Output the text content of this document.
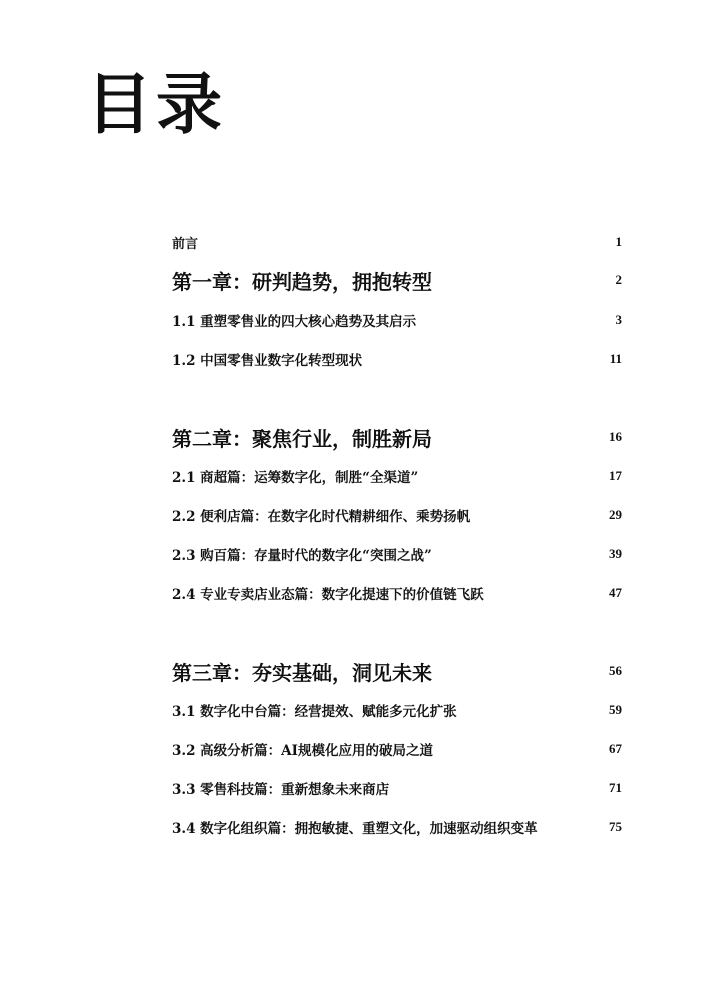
目录
前言	1
第一章：研判趋势，拥抱转型	2
1.1 重塑零售业的四大核心趋势及其启示	3
1.2 中国零售业数字化转型现状	11
第二章：聚焦行业，制胜新局	16
2.1 商超篇：运筹数字化，制胜“全渠道”	17
2.2 便利店篇：在数字化时代精耕细作、乘势扬帆	29
2.3 购百篇：存量时代的数字化“突围之战”	39
2.4 专业专卖店业态篇：数字化提速下的价值链飞跃	47
第三章：夯实基础，洞见未来	56
3.1 数字化中台篇：经营提效、赋能多元化扩张	59
3.2 高级分析篇：AI规模化应用的破局之道	67
3.3 零售科技篇：重新想象未来商店	71
3.4 数字化组织篇：拥抱敏捷、重塑文化，加速驱动组织变革	75
